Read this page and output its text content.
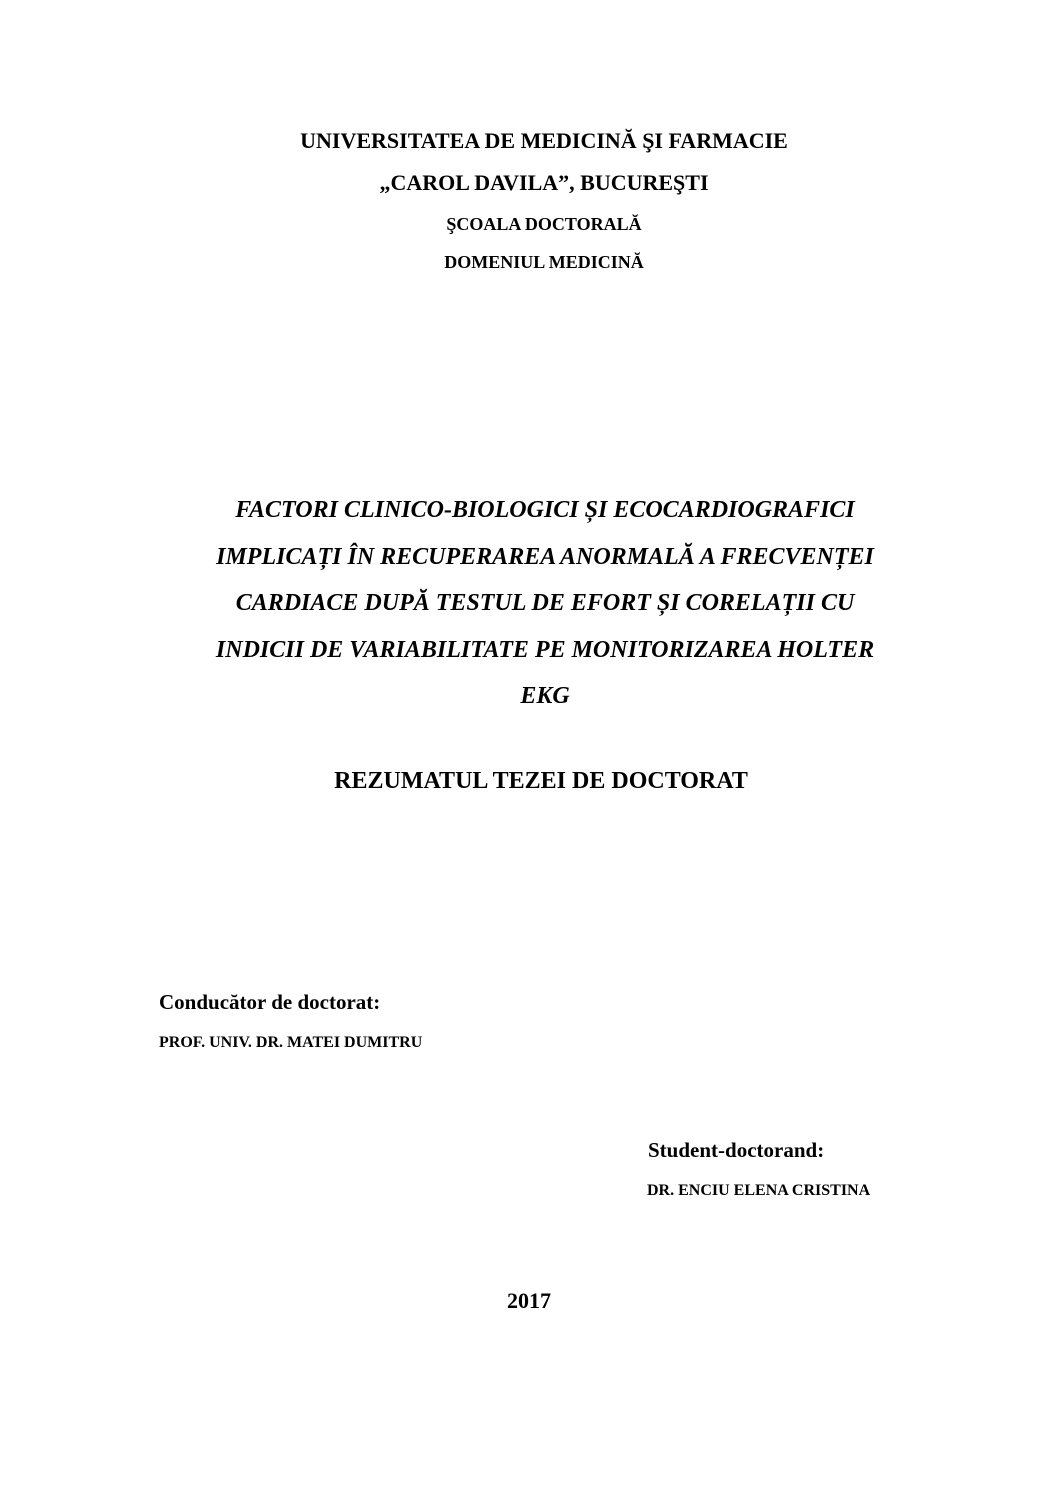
UNIVERSITATEA DE MEDICINĂ ŞI FARMACIE

„CAROL DAVILA”, BUCUREŞTI

ŞCOALA DOCTORALĂ

DOMENIUL MEDICINĂ

FACTORI CLINICO-BIOLOGICI ȘI ECOCARDIOGRAFICI
IMPLICAȚI ÎN RECUPERAREA ANORMALĂ A FRECVENȚEI
CARDIACE DUPĂ TESTUL DE EFORT ȘI CORELAȚII CU
INDICII DE VARIABILITATE PE MONITORIZAREA HOLTER
EKG
REZUMATUL TEZEI DE DOCTORAT

Conducător de doctorat:

PROF. UNIV. DR. MATEI DUMITRU

Student-doctorand:

DR. ENCIU ELENA CRISTINA

2017
